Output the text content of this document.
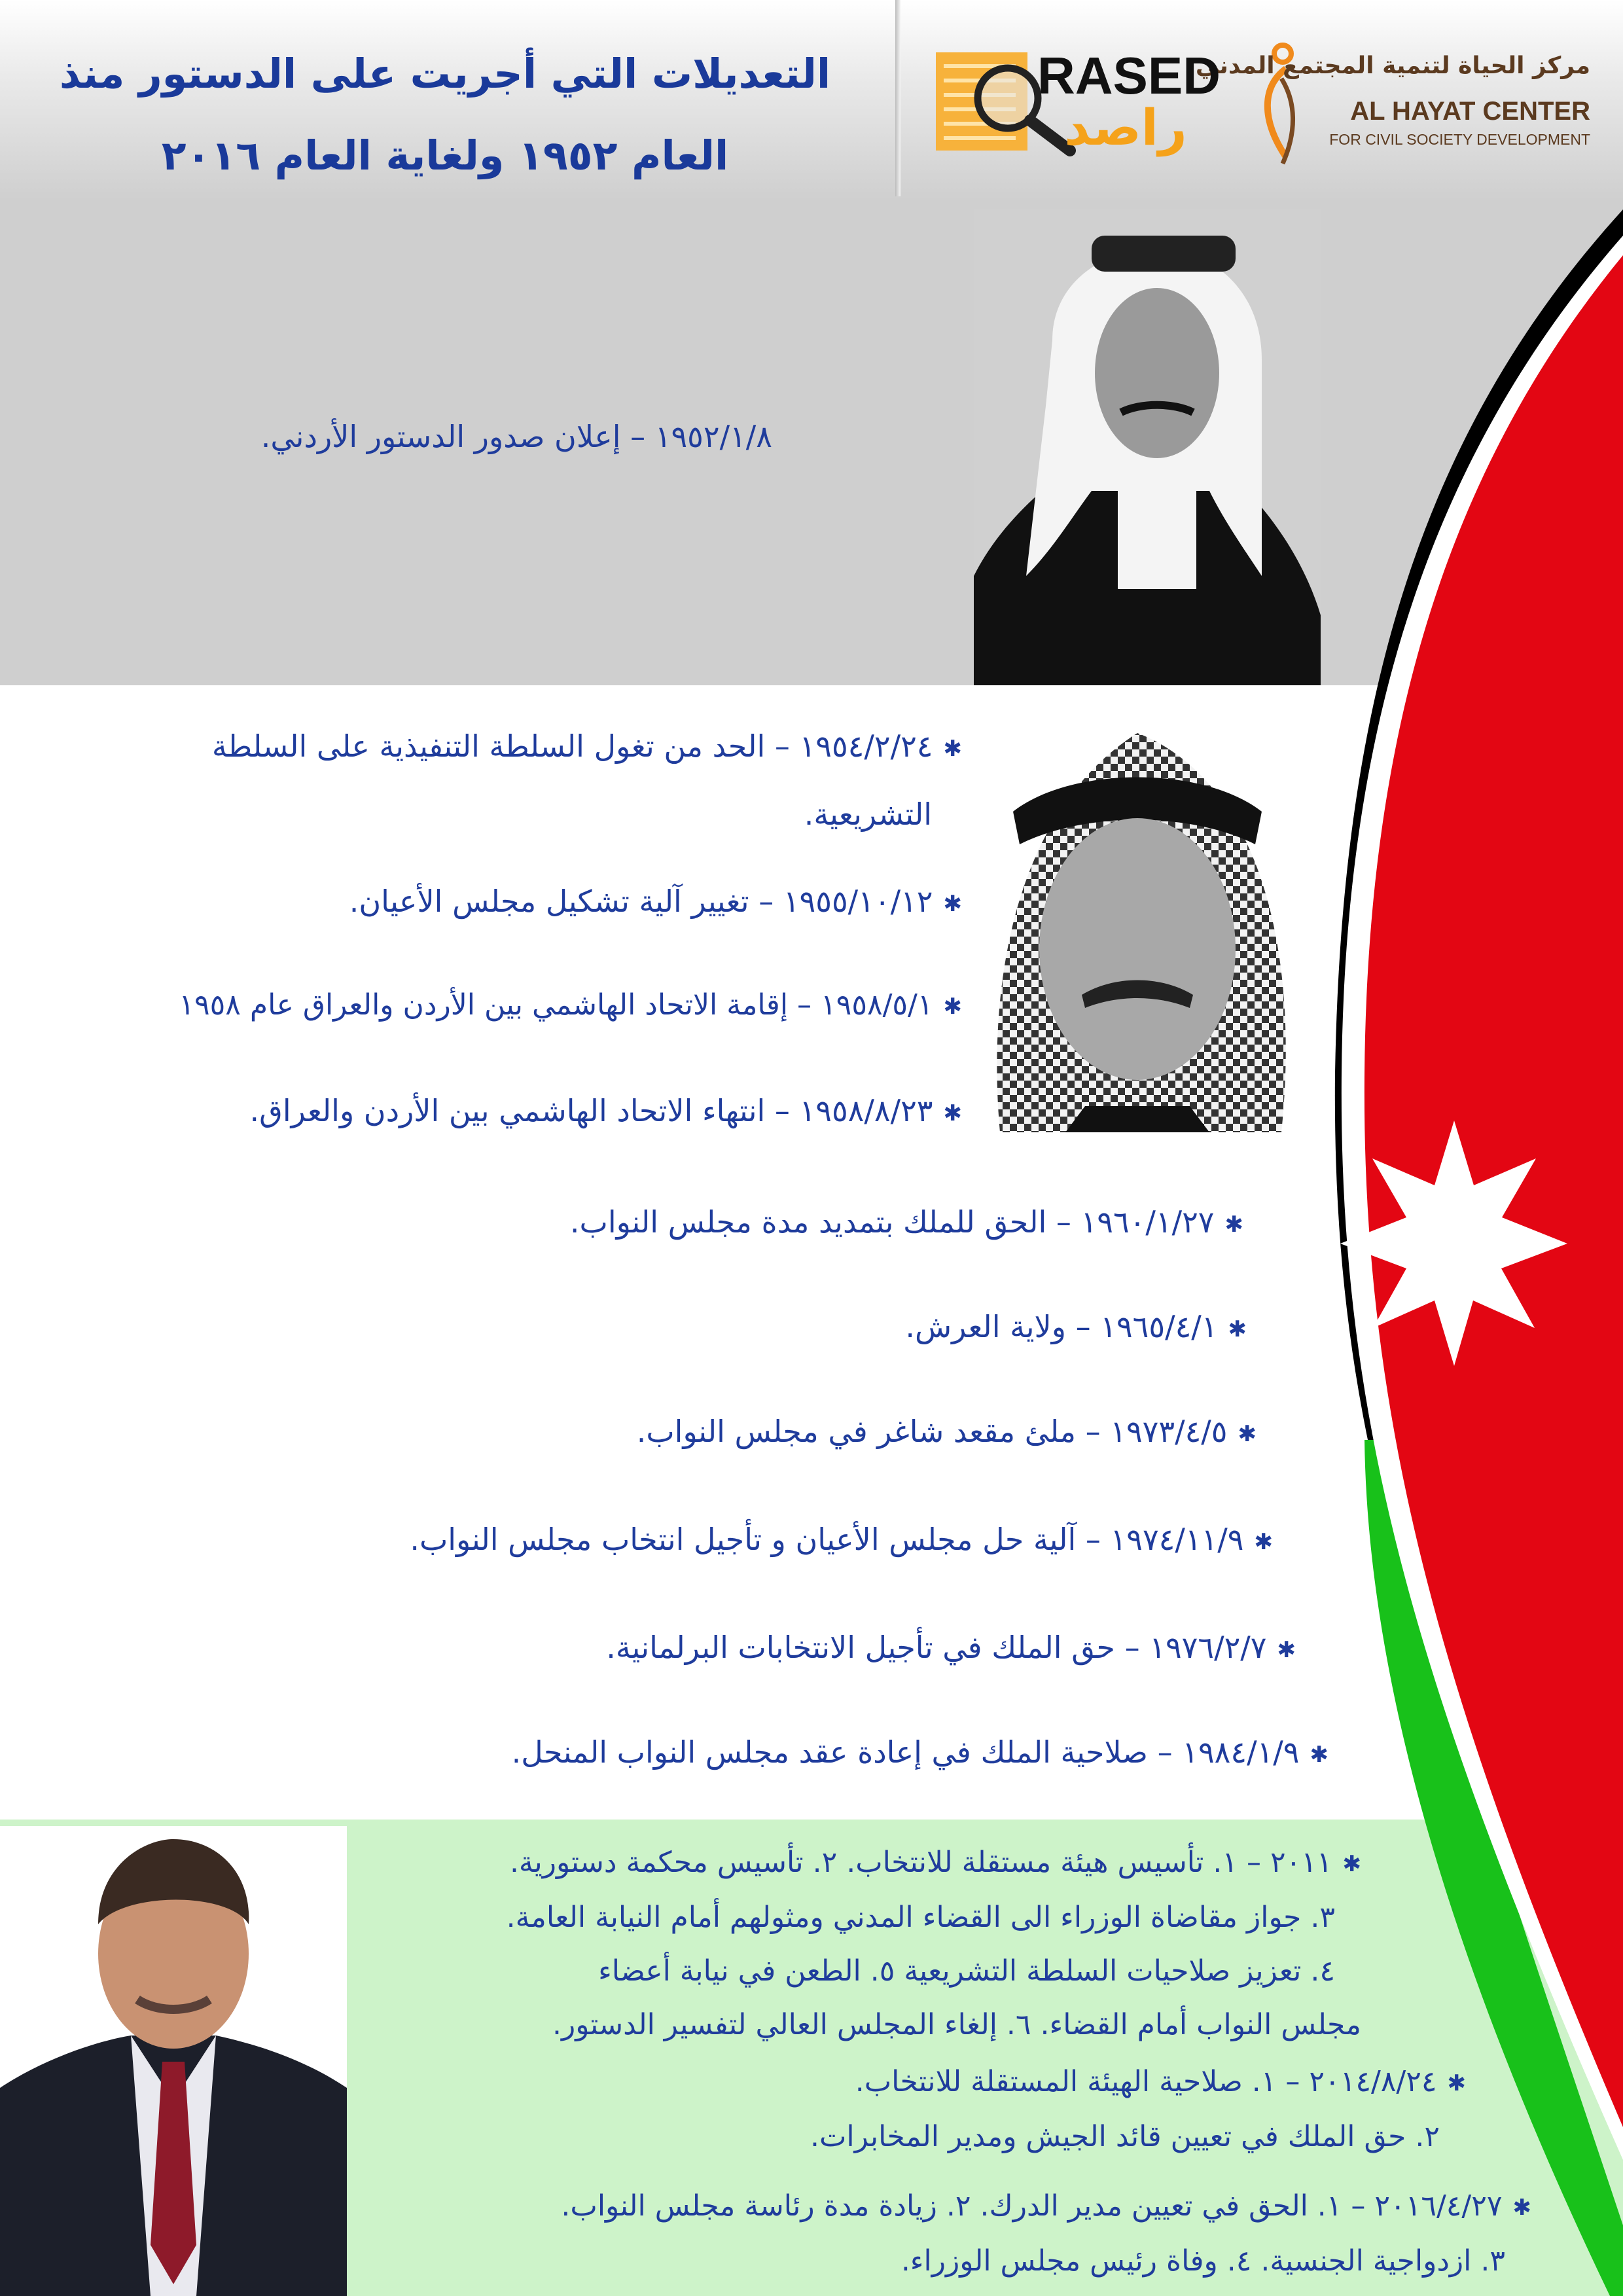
التعديلات التي أجريت على الدستور منذ
العام ١٩٥٢ ولغاية العام ٢٠١٦
مركز الحياة لتنمية المجتمع المدني
AL HAYAT CENTER
FOR CIVIL SOCIETY DEVELOPMENT
RASED
راصد
١٩٥٢/١/٨ – إعلان صدور الدستور الأردني.
✱١٩٥٤/٢/٢٤ – الحد من تغول السلطة التنفيذية على السلطة
التشريعية.
✱١٩٥٥/١٠/١٢ – تغيير آلية تشكيل مجلس الأعيان.
✱١٩٥٨/٥/١ – إقامة الاتحاد الهاشمي بين الأردن والعراق عام ١٩٥٨
✱١٩٥٨/٨/٢٣ – انتهاء الاتحاد الهاشمي بين الأردن والعراق.
✱١٩٦٠/١/٢٧ – الحق للملك بتمديد مدة مجلس النواب.
✱١٩٦٥/٤/١ – ولاية العرش.
✱١٩٧٣/٤/٥ – ملئ مقعد شاغر في مجلس النواب.
✱١٩٧٤/١١/٩ – آلية حل مجلس الأعيان و تأجيل انتخاب مجلس النواب.
✱١٩٧٦/٢/٧ – حق الملك في تأجيل الانتخابات البرلمانية.
✱١٩٨٤/١/٩ – صلاحية الملك في إعادة عقد مجلس النواب المنحل.
✱٢٠١١ – ١. تأسيس هيئة مستقلة للانتخاب. ٢. تأسيس محكمة دستورية.
٣. جواز مقاضاة الوزراء الى القضاء المدني ومثولهم أمام النيابة العامة.
٤. تعزيز صلاحيات السلطة التشريعية ٥. الطعن في نيابة أعضاء
مجلس النواب أمام القضاء. ٦. إلغاء المجلس العالي لتفسير الدستور.
✱٢٠١٤/٨/٢٤ – ١. صلاحية الهيئة المستقلة للانتخاب.
٢. حق الملك في تعيين قائد الجيش ومدير المخابرات.
✱٢٠١٦/٤/٢٧ – ١. الحق في تعيين مدير الدرك. ٢. زيادة مدة رئاسة مجلس النواب.
٣. ازدواجية الجنسية. ٤. وفاة رئيس مجلس الوزراء.
